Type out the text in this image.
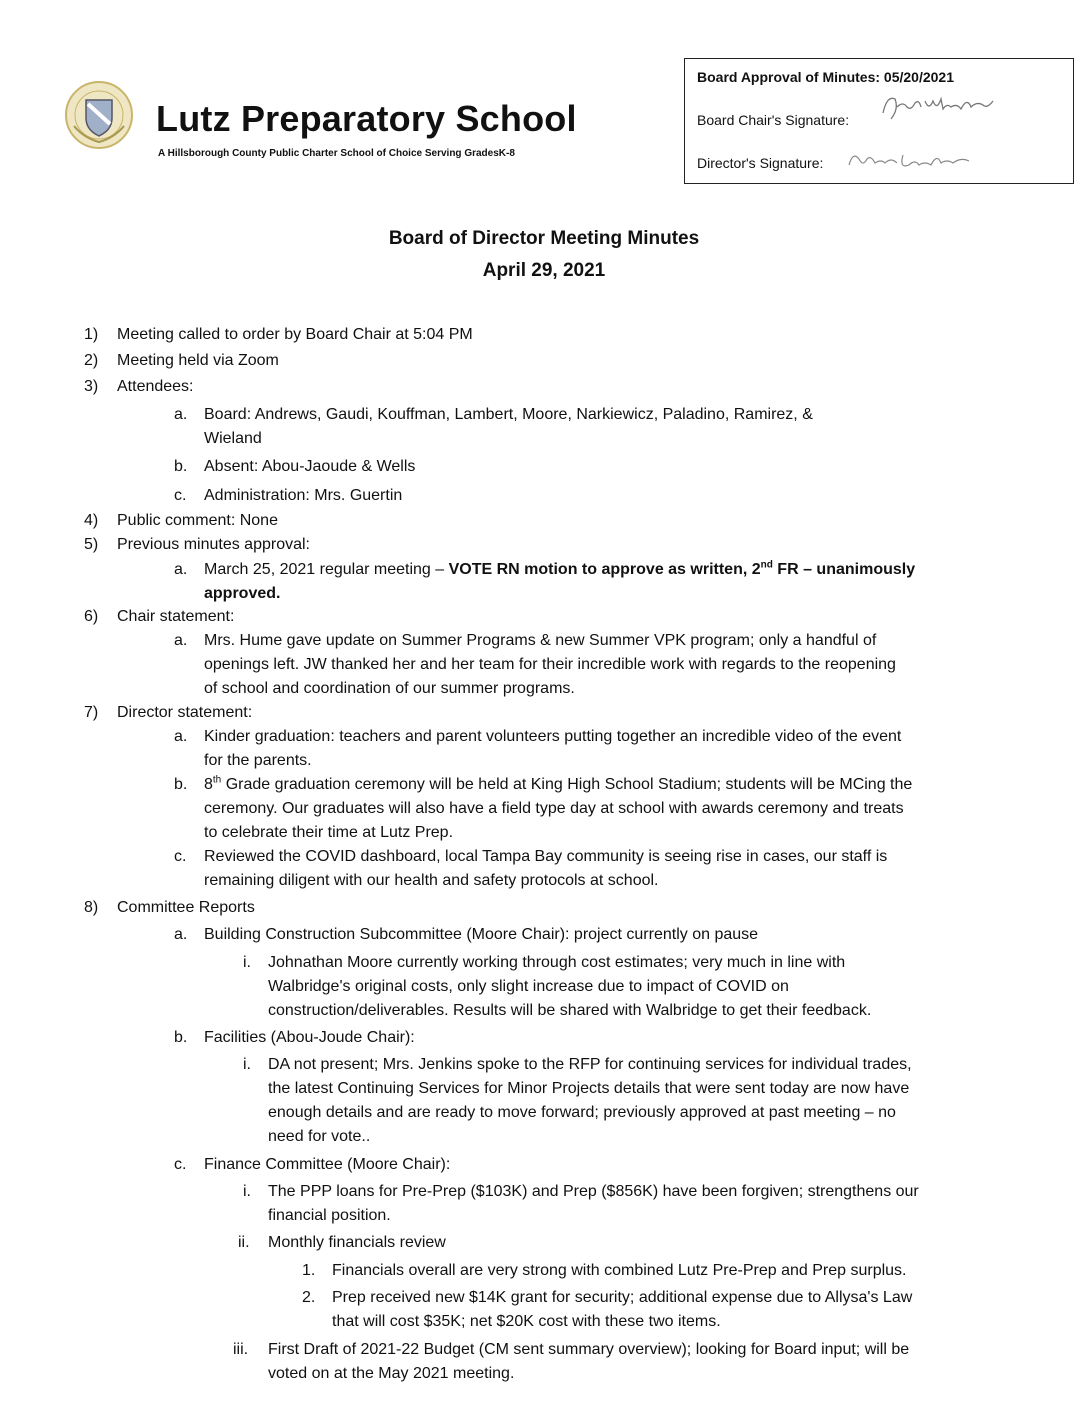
Lutz Preparatory School
A Hillsborough County Public Charter School of Choice Serving GradesK-8
Board Approval of Minutes: 05/20/2021
Board Chair's Signature:
Director's Signature:
Board of Director Meeting Minutes
April 29, 2021
1) Meeting called to order by Board Chair at 5:04 PM
2) Meeting held via Zoom
3) Attendees:
a. Board: Andrews, Gaudi, Kouffman, Lambert, Moore, Narkiewicz, Paladino, Ramirez, &
Wieland
b. Absent: Abou-Jaoude & Wells
c. Administration: Mrs. Guertin
4) Public comment: None
5) Previous minutes approval:
a. March 25, 2021 regular meeting – VOTE RN motion to approve as written, 2nd FR – unanimously
approved.
6) Chair statement:
a. Mrs. Hume gave update on Summer Programs & new Summer VPK program; only a handful of
openings left. JW thanked her and her team for their incredible work with regards to the reopening
of school and coordination of our summer programs.
7) Director statement:
a. Kinder graduation: teachers and parent volunteers putting together an incredible video of the event
for the parents.
b. 8th Grade graduation ceremony will be held at King High School Stadium; students will be MCing the
ceremony. Our graduates will also have a field type day at school with awards ceremony and treats
to celebrate their time at Lutz Prep.
c. Reviewed the COVID dashboard, local Tampa Bay community is seeing rise in cases, our staff is
remaining diligent with our health and safety protocols at school.
8) Committee Reports
a. Building Construction Subcommittee (Moore Chair): project currently on pause
i. Johnathan Moore currently working through cost estimates; very much in line with
Walbridge's original costs, only slight increase due to impact of COVID on
construction/deliverables. Results will be shared with Walbridge to get their feedback.
b. Facilities (Abou-Joude Chair):
i. DA not present; Mrs. Jenkins spoke to the RFP for continuing services for individual trades,
the latest Continuing Services for Minor Projects details that were sent today are now have
enough details and are ready to move forward; previously approved at past meeting – no
need for vote..
c. Finance Committee (Moore Chair):
i. The PPP loans for Pre-Prep ($103K) and Prep ($856K) have been forgiven; strengthens our
financial position.
ii. Monthly financials review
1. Financials overall are very strong with combined Lutz Pre-Prep and Prep surplus.
2. Prep received new $14K grant for security; additional expense due to Allysa's Law
that will cost $35K; net $20K cost with these two items.
iii. First Draft of 2021-22 Budget (CM sent summary overview); looking for Board input; will be
voted on at the May 2021 meeting.
